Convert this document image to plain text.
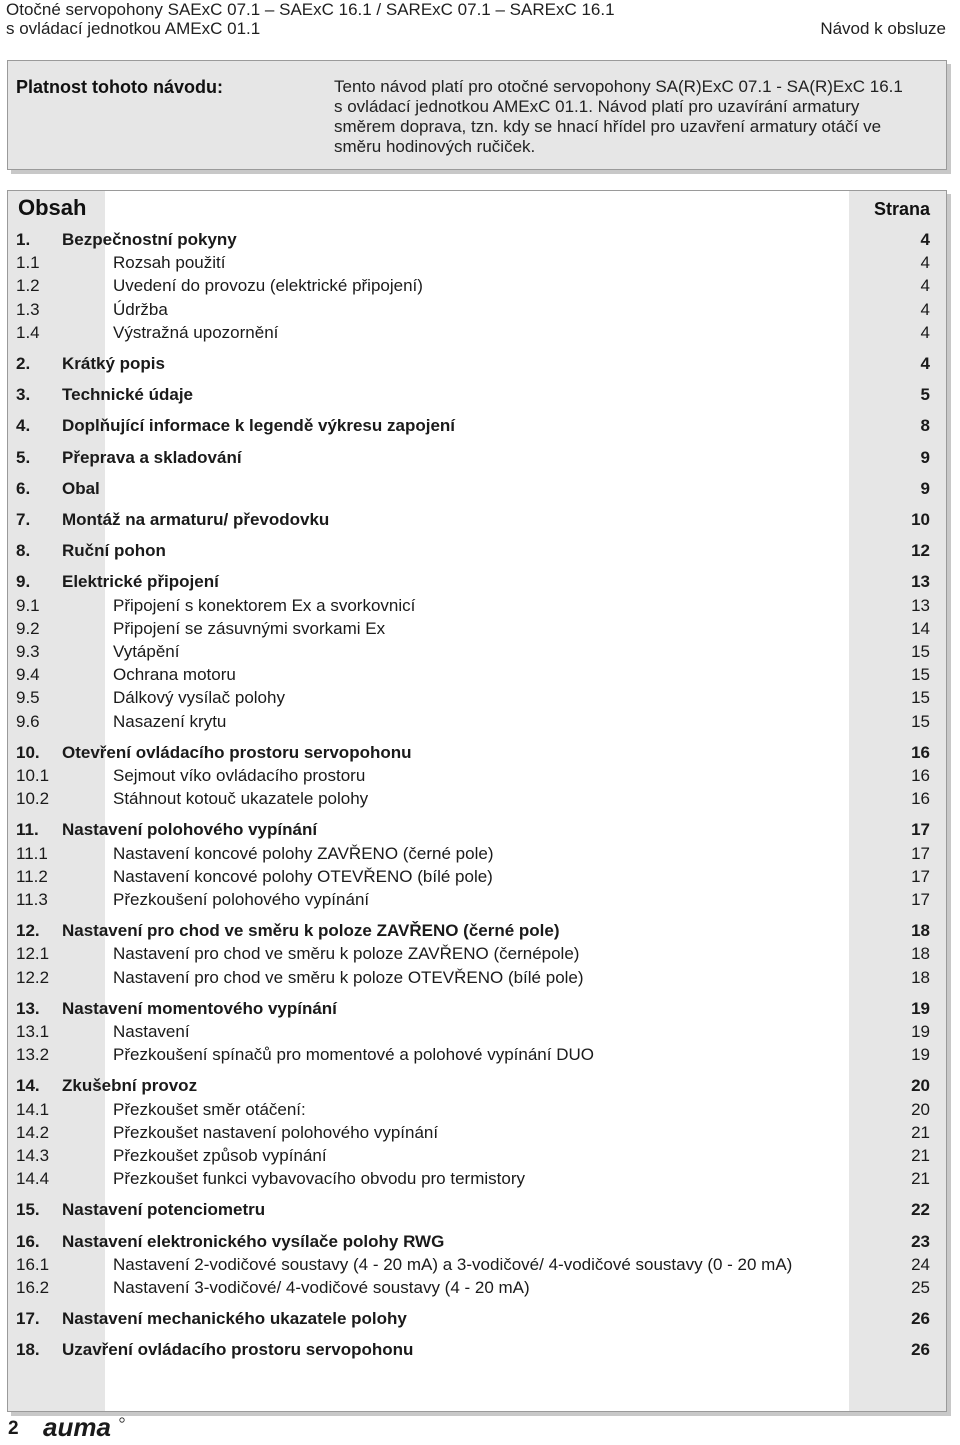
Otočné servopohony SAExC 07.1 – SAExC 16.1 / SARExC 07.1 – SARExC 16.1
s ovládací jednotkou AMExC 01.1	Návod k obsluze
Platnost tohoto návodu:	Tento návod platí pro otočné servopohony SA(R)ExC 07.1 - SA(R)ExC 16.1
s ovládací jednotkou AMExC 01.1. Návod platí pro uzavírání armatury
směrem doprava, tzn. kdy se hnací hřídel pro uzavření armatury otáčí ve
směru hodinových ručiček.
Obsah	Strana
1. Bezpečnostní pokyny	4
1.1	Rozsah použití	4
1.2	Uvedení do provozu (elektrické připojení)	4
1.3	Údržba	4
1.4	Výstražná upozornění	4
2. Krátký popis	4
3. Technické údaje	5
4. Doplňující informace k legendě výkresu zapojení	8
5. Přeprava a skladování	9
6. Obal	9
7. Montáž na armaturu/ převodovku	10
8. Ruční pohon	12
9. Elektrické připojení	13
9.1	Připojení s konektorem Ex a svorkovnicí	13
9.2	Připojení se zásuvnými svorkami Ex	14
9.3	Vytápění	15
9.4	Ochrana motoru	15
9.5	Dálkový vysílač polohy	15
9.6	Nasazení krytu	15
10. Otevření ovládacího prostoru servopohonu	16
10.1	Sejmout víko ovládacího prostoru	16
10.2	Stáhnout kotouč ukazatele polohy	16
11. Nastavení polohového vypínání	17
11.1	Nastavení koncové polohy ZAVŘENO (černé pole)	17
11.2	Nastavení koncové polohy OTEVŘENO (bílé pole)	17
11.3	Přezkoušení polohového vypínání	17
12. Nastavení pro chod ve směru k poloze ZAVŘENO (černé pole)	18
12.1	Nastavení pro chod ve směru k poloze ZAVŘENO (černépole)	18
12.2	Nastavení pro chod ve směru k poloze OTEVŘENO (bílé pole)	18
13. Nastavení momentového vypínání	19
13.1	Nastavení	19
13.2	Přezkoušení spínačů pro momentové a polohové vypínání DUO	19
14. Zkušební provoz	20
14.1	Přezkoušet směr otáčení:	20
14.2	Přezkoušet nastavení polohového vypínání	21
14.3	Přezkoušet způsob vypínání	21
14.4	Přezkoušet funkci vybavovacího obvodu pro termistory	21
15. Nastavení potenciometru	22
16. Nastavení elektronického vysílače polohy RWG	23
16.1	Nastavení 2-vodičové soustavy (4 - 20 mA) a 3-vodičové/ 4-vodičové soustavy (0 - 20 mA)	24
16.2	Nastavení 3-vodičové/ 4-vodičové soustavy (4 - 20 mA)	25
17. Nastavení mechanického ukazatele polohy	26
18. Uzavření ovládacího prostoru servopohonu	26
2 auma
